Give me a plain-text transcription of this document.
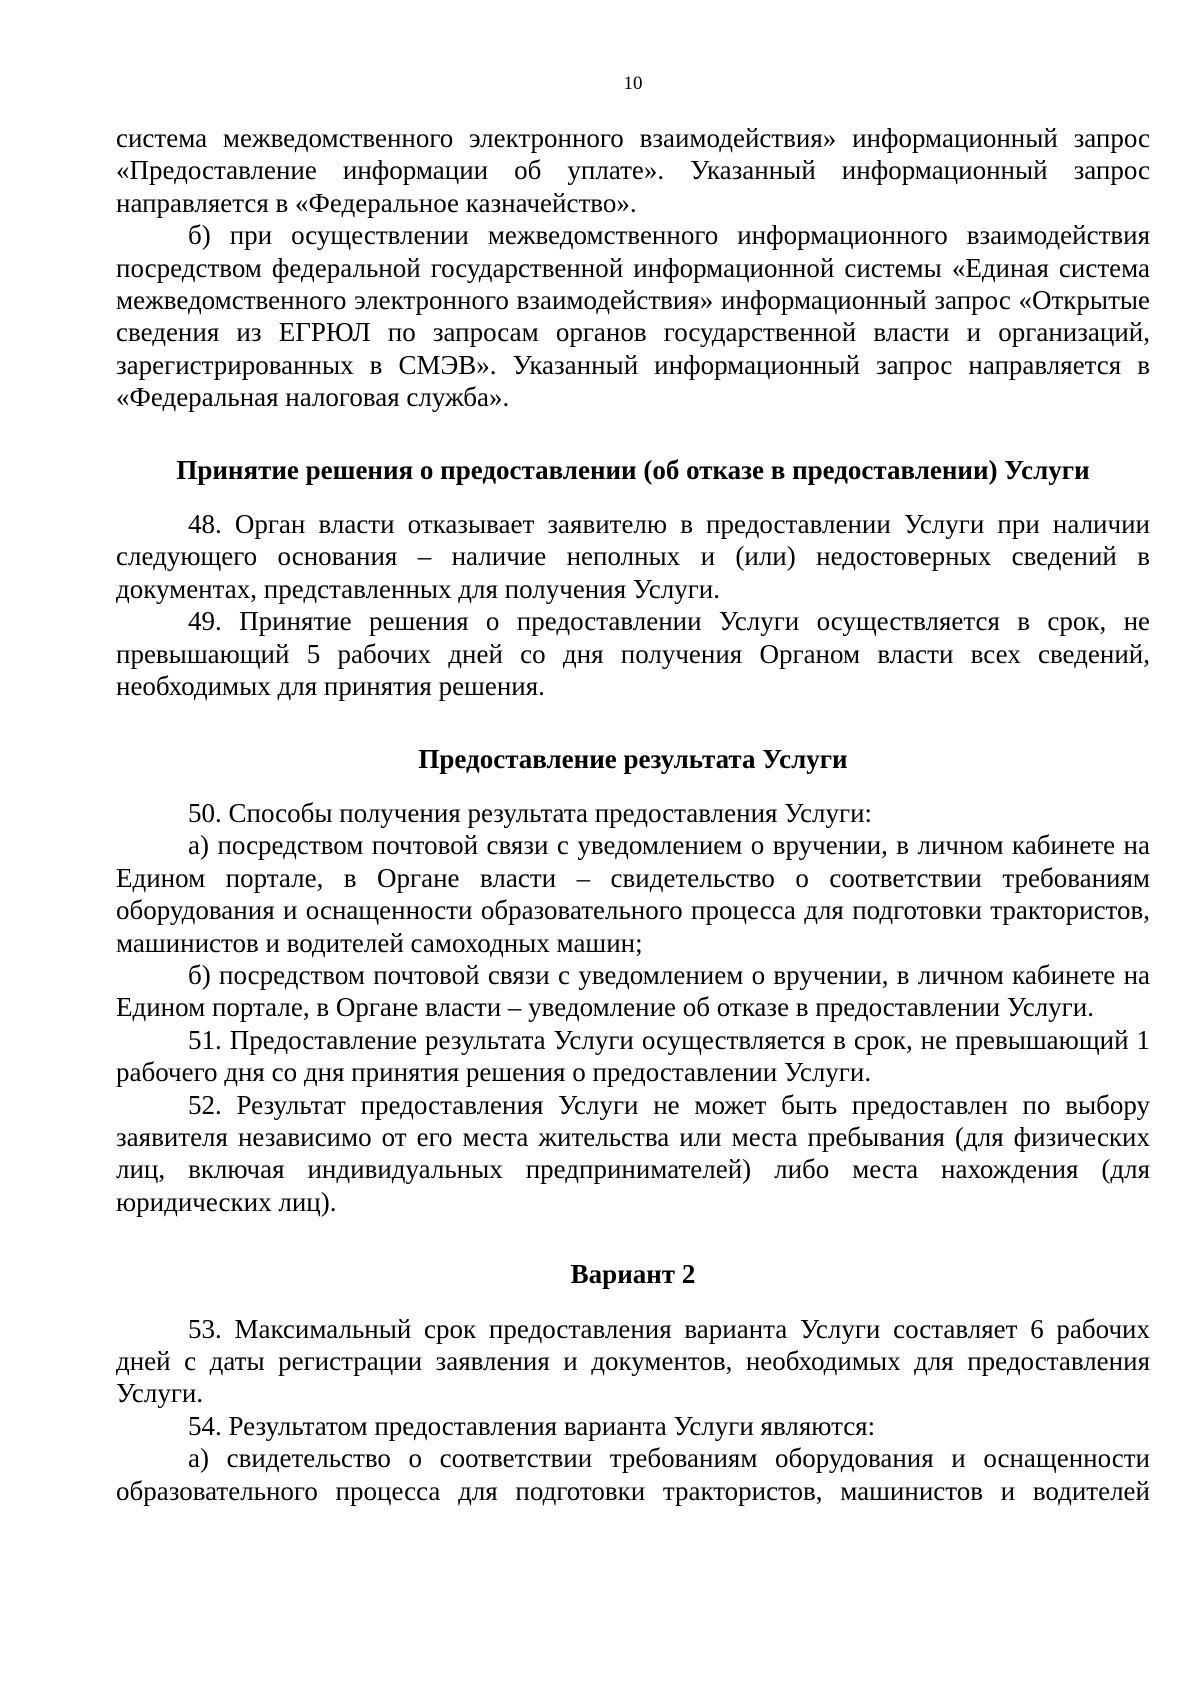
10

система межведомственного электронного взаимодействия» информационный запрос «Предоставление информации об уплате». Указанный информационный запрос направляется в «Федеральное казначейство».

б) при осуществлении межведомственного информационного взаимодействия посредством федеральной государственной информационной системы «Единая система межведомственного электронного взаимодействия» информационный запрос «Открытые сведения из ЕГРЮЛ по запросам органов государственной власти и организаций, зарегистрированных в СМЭВ». Указанный информационный запрос направляется в «Федеральная налоговая служба».

Принятие решения о предоставлении (об отказе в предоставлении) Услуги

48. Орган власти отказывает заявителю в предоставлении Услуги при наличии следующего основания – наличие неполных и (или) недостоверных сведений в документах, представленных для получения Услуги.

49. Принятие решения о предоставлении Услуги осуществляется в срок, не превышающий 5 рабочих дней со дня получения Органом власти всех сведений, необходимых для принятия решения.

Предоставление результата Услуги

50. Способы получения результата предоставления Услуги:

а) посредством почтовой связи с уведомлением о вручении, в личном кабинете на Едином портале, в Органе власти – свидетельство о соответствии требованиям оборудования и оснащенности образовательного процесса для подготовки трактористов, машинистов и водителей самоходных машин;

б) посредством почтовой связи с уведомлением о вручении, в личном кабинете на Едином портале, в Органе власти – уведомление об отказе в предоставлении Услуги.

51. Предоставление результата Услуги осуществляется в срок, не превышающий 1 рабочего дня со дня принятия решения о предоставлении Услуги.

52. Результат предоставления Услуги не может быть предоставлен по выбору заявителя независимо от его места жительства или места пребывания (для физических лиц, включая индивидуальных предпринимателей) либо места нахождения (для юридических лиц).

Вариант 2

53. Максимальный срок предоставления варианта Услуги составляет 6 рабочих дней с даты регистрации заявления и документов, необходимых для предоставления Услуги.

54. Результатом предоставления варианта Услуги являются:

а) свидетельство о соответствии требованиям оборудования и оснащенности образовательного процесса для подготовки трактористов, машинистов и водителей
